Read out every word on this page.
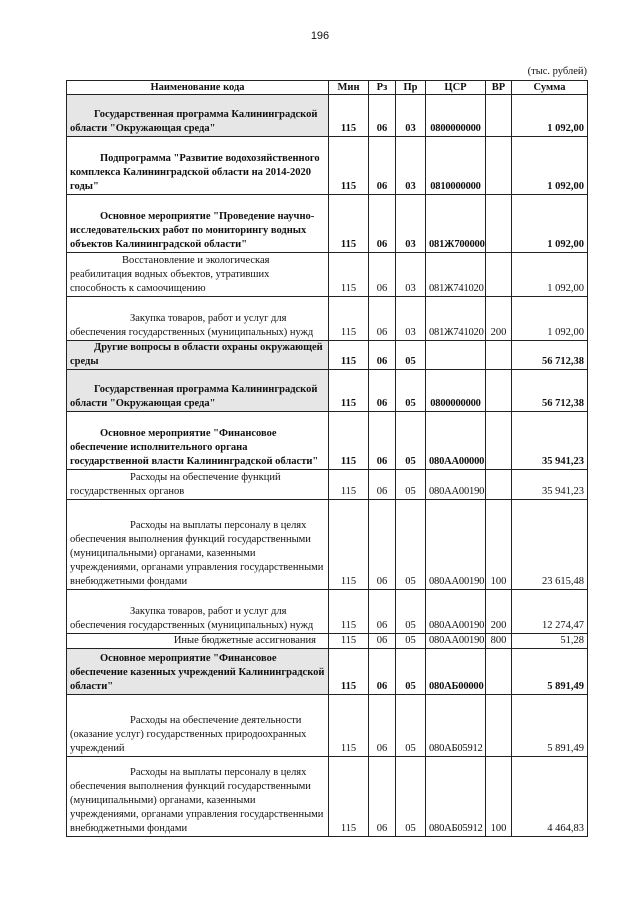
196
(тыс. рублей)
Наименование кода	Мин	Рз	Пр	ЦСР	ВР	Сумма
Государственная программа Калининградской области "Окружающая среда"	115	06	03	0800000000		1 092,00
Подпрограмма "Развитие водохозяйственного комплекса Калининградской области на 2014-2020 годы"	115	06	03	0810000000		1 092,00
Основное мероприятие "Проведение научно-исследовательских работ по мониторингу водных объектов Калининградской области"	115	06	03	081Ж700000		1 092,00
Восстановление и экологическая реабилитация водных объектов, утративших способность к самоочищению	115	06	03	081Ж741020		1 092,00
Закупка товаров, работ и услуг для обеспечения государственных (муниципальных) нужд	115	06	03	081Ж741020	200	1 092,00
Другие вопросы в области охраны окружающей среды	115	06	05			56 712,38
Государственная программа Калининградской области "Окружающая среда"	115	06	05	0800000000		56 712,38
Основное мероприятие "Финансовое обеспечение исполнительного органа государственной власти Калининградской области"	115	06	05	080АА00000		35 941,23
Расходы на обеспечение функций государственных органов	115	06	05	080АА00190		35 941,23
Расходы на выплаты персоналу в целях обеспечения выполнения функций государственными (муниципальными) органами, казенными учреждениями, органами управления государственными внебюджетными фондами	115	06	05	080АА00190	100	23 615,48
Закупка товаров, работ и услуг для обеспечения государственных (муниципальных) нужд	115	06	05	080АА00190	200	12 274,47
Иные бюджетные ассигнования	115	06	05	080АА00190	800	51,28
Основное мероприятие "Финансовое обеспечение казенных учреждений Калининградской области"	115	06	05	080АБ00000		5 891,49
Расходы на обеспечение деятельности (оказание услуг) государственных природоохранных учреждений	115	06	05	080АБ05912		5 891,49
Расходы на выплаты персоналу в целях обеспечения выполнения функций государственными (муниципальными) органами, казенными учреждениями, органами управления государственными внебюджетными фондами	115	06	05	080АБ05912	100	4 464,83
